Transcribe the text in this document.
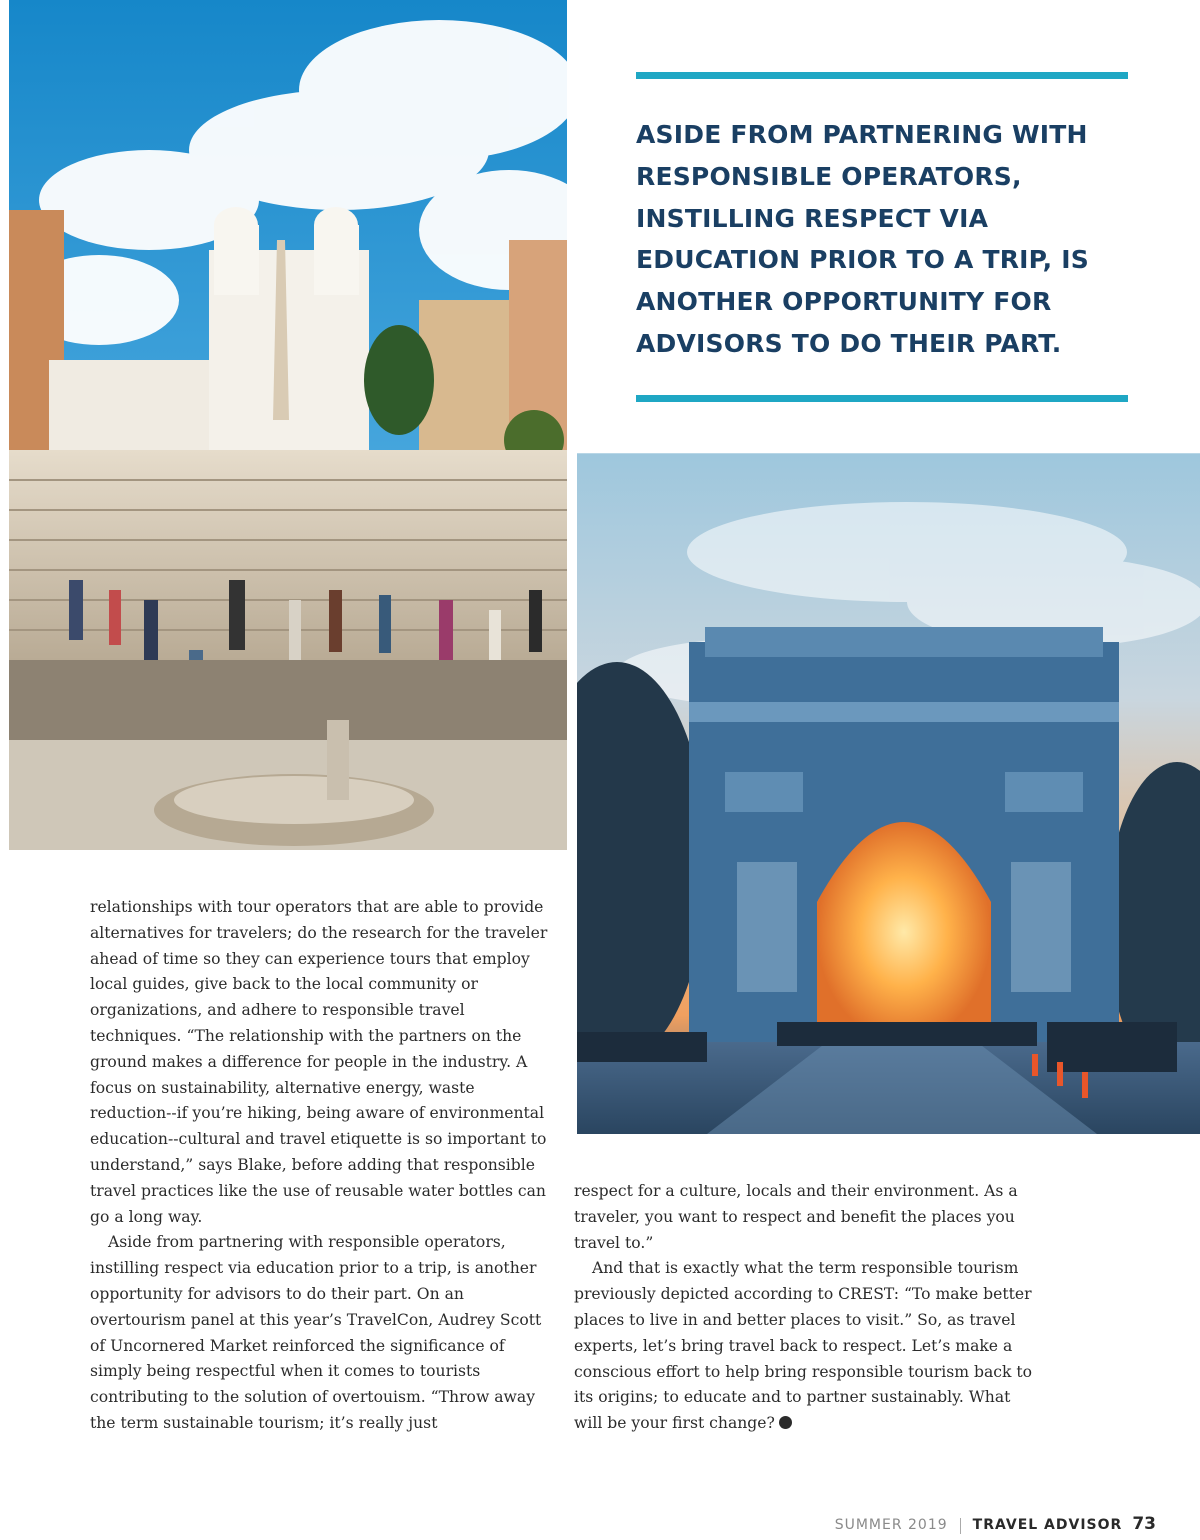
ASIDE FROM PARTNERING WITH RESPONSIBLE OPERATORS, INSTILLING RESPECT VIA EDUCATION PRIOR TO A TRIP, IS ANOTHER OPPORTUNITY FOR ADVISORS TO DO THEIR PART.

relationships with tour operators that are able to provide alternatives for travelers; do the research for the traveler ahead of time so they can experience tours that employ local guides, give back to the local community or organizations, and adhere to responsible travel techniques. “The relationship with the partners on the ground makes a difference for people in the industry. A focus on sustainability, alternative energy, waste reduction--if you’re hiking, being aware of environmental education--cultural and travel etiquette is so important to understand,” says Blake, before adding that responsible travel practices like the use of reusable water bottles can go a long way.

Aside from partnering with responsible operators, instilling respect via education prior to a trip, is another opportunity for advisors to do their part. On an overtourism panel at this year’s TravelCon, Audrey Scott of Uncornered Market reinforced the significance of simply being respectful when it comes to tourists contributing to the solution of overtouism. “Throw away the term sustainable tourism; it’s really just

respect for a culture, locals and their environment. As a traveler, you want to respect and benefit the places you travel to.”

And that is exactly what the term responsible tourism previously depicted according to CREST: “To make better places to live in and better places to visit.” So, as travel experts, let’s bring travel back to respect. Let’s make a conscious effort to help bring responsible tourism back to its origins; to educate and to partner sustainably. What will be your first change?

SUMMER 2019 TRAVEL ADVISOR 73
